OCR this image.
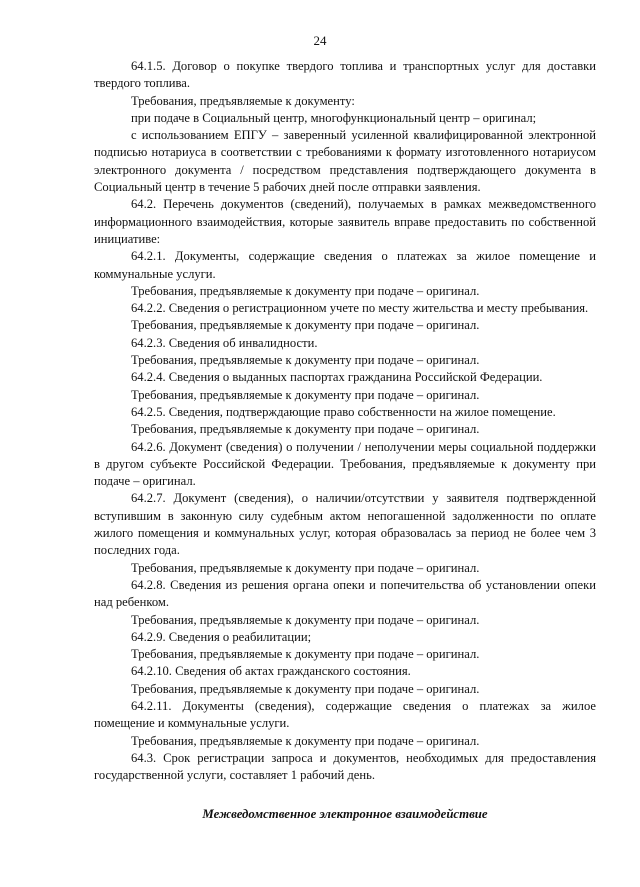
24

64.1.5. Договор о покупке твердого топлива и транспортных услуг для доставки твердого топлива.

Требования, предъявляемые к документу:

при подаче в Социальный центр, многофункциональный центр – оригинал;

с использованием ЕПГУ – заверенный усиленной квалифицированной электронной подписью нотариуса в соответствии с требованиями к формату изготовленного нотариусом электронного документа / посредством представления подтверждающего документа в Социальный центр в течение 5 рабочих дней после отправки заявления.

64.2. Перечень документов (сведений), получаемых в рамках межведомственного информационного взаимодействия, которые заявитель вправе предоставить по собственной инициативе:

64.2.1. Документы, содержащие сведения о платежах за жилое помещение и коммунальные услуги.

Требования, предъявляемые к документу при подаче – оригинал.

64.2.2. Сведения о регистрационном учете по месту жительства и месту пребывания.

Требования, предъявляемые к документу при подаче – оригинал.

64.2.3. Сведения об инвалидности.

Требования, предъявляемые к документу при подаче – оригинал.

64.2.4. Сведения о выданных паспортах гражданина Российской Федерации.

Требования, предъявляемые к документу при подаче – оригинал.

64.2.5. Сведения, подтверждающие право собственности на жилое помещение.

Требования, предъявляемые к документу при подаче – оригинал.

64.2.6. Документ (сведения) о получении / неполучении меры социальной поддержки в другом субъекте Российской Федерации. Требования, предъявляемые к документу при подаче – оригинал.

64.2.7. Документ (сведения), о наличии/отсутствии у заявителя подтвержденной вступившим в законную силу судебным актом непогашенной задолженности по оплате жилого помещения и коммунальных услуг, которая образовалась за период не более чем 3 последних года.

Требования, предъявляемые к документу при подаче – оригинал.

64.2.8. Сведения из решения органа опеки и попечительства об установлении опеки над ребенком.

Требования, предъявляемые к документу при подаче – оригинал.

64.2.9. Сведения о реабилитации;

Требования, предъявляемые к документу при подаче – оригинал.

64.2.10. Сведения об актах гражданского состояния.

Требования, предъявляемые к документу при подаче – оригинал.

64.2.11. Документы (сведения), содержащие сведения о платежах за жилое помещение и коммунальные услуги.

Требования, предъявляемые к документу при подаче – оригинал.

64.3. Срок регистрации запроса и документов, необходимых для предоставления государственной услуги, составляет 1 рабочий день.

Межведомственное электронное взаимодействие
